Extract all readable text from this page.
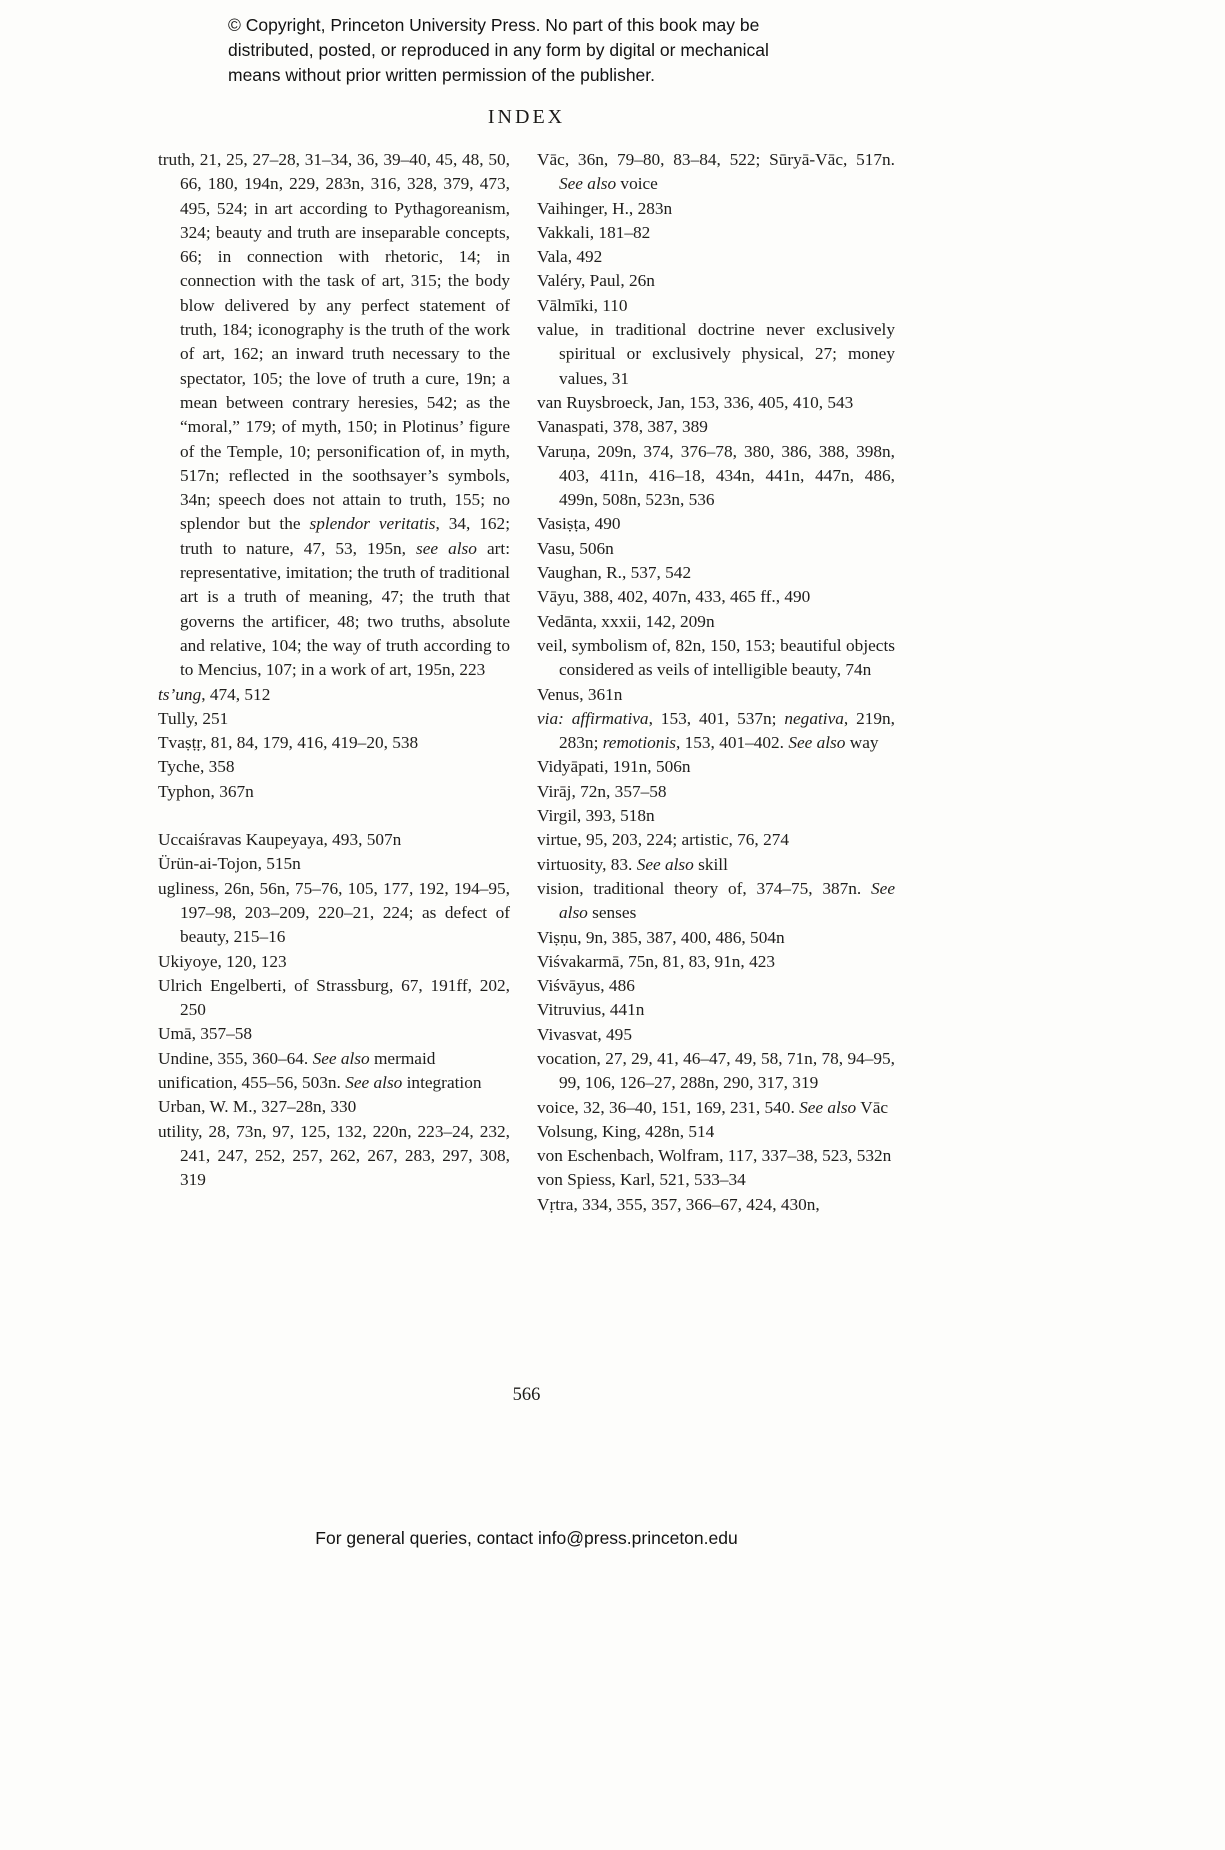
© Copyright, Princeton University Press. No part of this book may be distributed, posted, or reproduced in any form by digital or mechanical means without prior written permission of the publisher.
INDEX

truth, 21, 25, 27–28, 31–34, 36, 39–40, 45, 48, 50, 66, 180, 194n, 229, 283n, 316, 328, 379, 473, 495, 524; in art according to Pythagoreanism, 324; beauty and truth are inseparable concepts, 66; in connection with rhetoric, 14; in connection with the task of art, 315; the body blow delivered by any perfect statement of truth, 184; iconography is the truth of the work of art, 162; an inward truth necessary to the spectator, 105; the love of truth a cure, 19n; a mean between contrary heresies, 542; as the “moral,” 179; of myth, 150; in Plotinus’ figure of the Temple, 10; personification of, in myth, 517n; reflected in the soothsayer’s symbols, 34n; speech does not attain to truth, 155; no splendor but the splendor veritatis, 34, 162; truth to nature, 47, 53, 195n, see also art: representative, imitation; the truth of traditional art is a truth of meaning, 47; the truth that governs the artificer, 48; two truths, absolute and relative, 104; the way of truth according to to Mencius, 107; in a work of art, 195n, 223

ts’ung, 474, 512

Tully, 251

Tvaṣṭṛ, 81, 84, 179, 416, 419–20, 538

Tyche, 358

Typhon, 367n

Uccaiśravas Kaupeyaya, 493, 507n

Ürün-ai-Tojon, 515n

ugliness, 26n, 56n, 75–76, 105, 177, 192, 194–95, 197–98, 203–209, 220–21, 224; as defect of beauty, 215–16

Ukiyoye, 120, 123

Ulrich Engelberti, of Strassburg, 67, 191ff, 202, 250

Umā, 357–58

Undine, 355, 360–64. See also mermaid

unification, 455–56, 503n. See also integration

Urban, W. M., 327–28n, 330

utility, 28, 73n, 97, 125, 132, 220n, 223–24, 232, 241, 247, 252, 257, 262, 267, 283, 297, 308, 319

Vāc, 36n, 79–80, 83–84, 522; Sūryā-Vāc, 517n. See also voice

Vaihinger, H., 283n

Vakkali, 181–82

Vala, 492

Valéry, Paul, 26n

Vālmīki, 110

value, in traditional doctrine never exclusively spiritual or exclusively physical, 27; money values, 31

van Ruysbroeck, Jan, 153, 336, 405, 410, 543

Vanaspati, 378, 387, 389

Varuṇa, 209n, 374, 376–78, 380, 386, 388, 398n, 403, 411n, 416–18, 434n, 441n, 447n, 486, 499n, 508n, 523n, 536

Vasiṣṭa, 490

Vasu, 506n

Vaughan, R., 537, 542

Vāyu, 388, 402, 407n, 433, 465 ff., 490

Vedānta, xxxii, 142, 209n

veil, symbolism of, 82n, 150, 153; beautiful objects considered as veils of intelligible beauty, 74n

Venus, 361n

via: affirmativa, 153, 401, 537n; negativa, 219n, 283n; remotionis, 153, 401–402. See also way

Vidyāpati, 191n, 506n

Virāj, 72n, 357–58

Virgil, 393, 518n

virtue, 95, 203, 224; artistic, 76, 274

virtuosity, 83. See also skill

vision, traditional theory of, 374–75, 387n. See also senses

Viṣṇu, 9n, 385, 387, 400, 486, 504n

Viśvakarmā, 75n, 81, 83, 91n, 423

Viśvāyus, 486

Vitruvius, 441n

Vivasvat, 495

vocation, 27, 29, 41, 46–47, 49, 58, 71n, 78, 94–95, 99, 106, 126–27, 288n, 290, 317, 319

voice, 32, 36–40, 151, 169, 231, 540. See also Vāc

Volsung, King, 428n, 514

von Eschenbach, Wolfram, 117, 337–38, 523, 532n

von Spiess, Karl, 521, 533–34

Vṛtra, 334, 355, 357, 366–67, 424, 430n,

566
For general queries, contact info@press.princeton.edu
